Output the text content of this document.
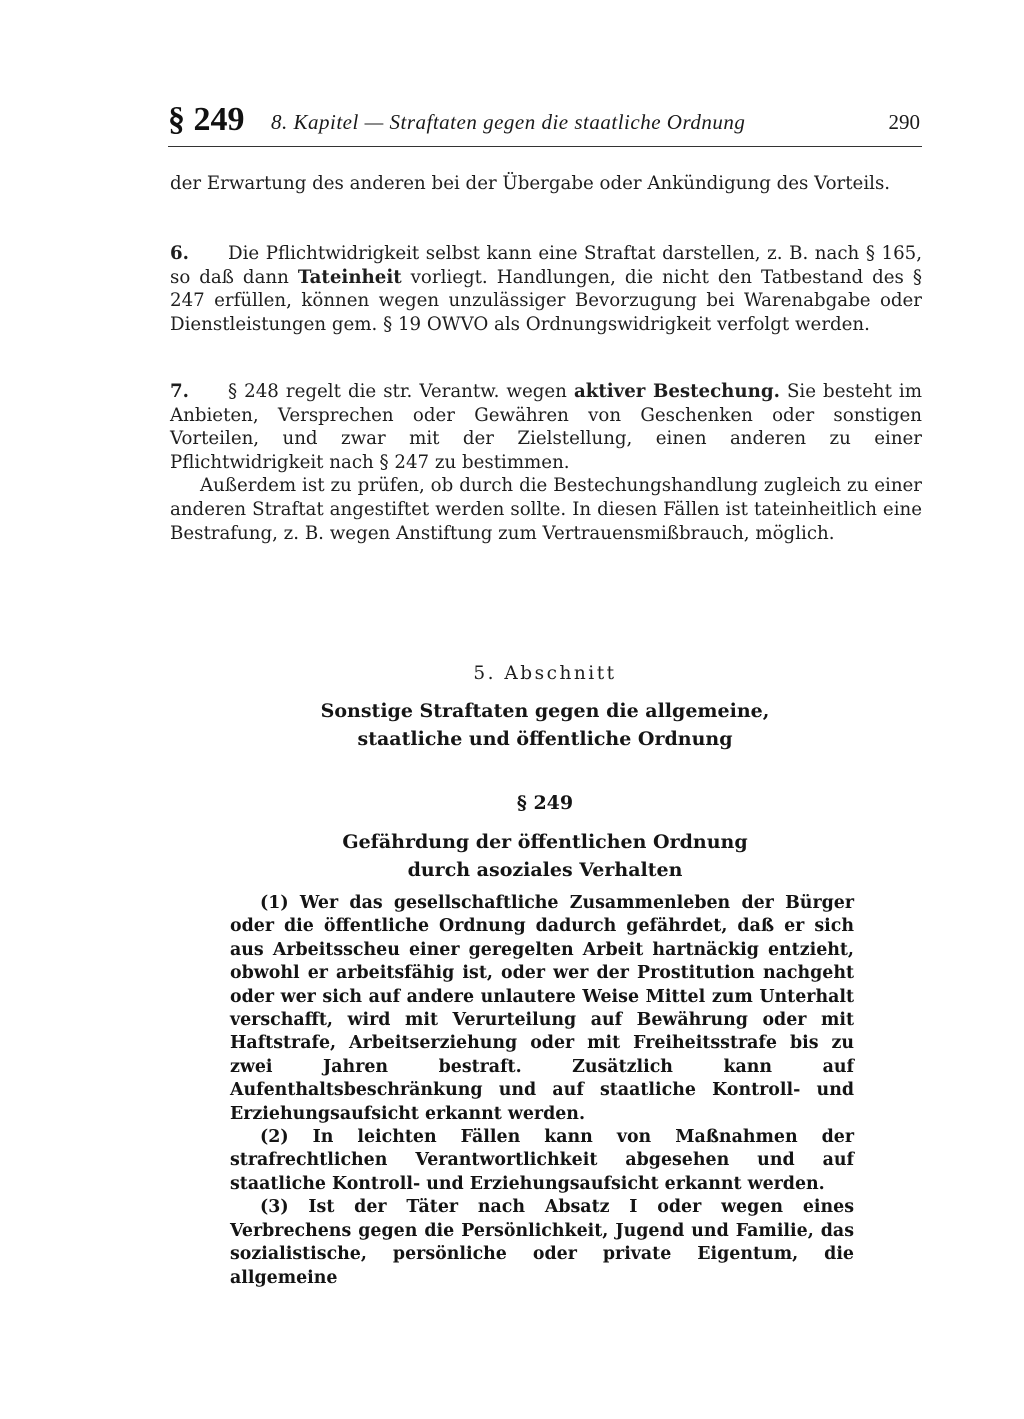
§ 249 8. Kapitel — Straftaten gegen die staatliche Ordnung	290

der Erwartung des anderen bei der Übergabe oder Ankündigung des Vorteils.

6. Die Pflichtwidrigkeit selbst kann eine Straftat darstellen, z. B. nach § 165, so daß dann Tateinheit vorliegt. Handlungen, die nicht den Tatbestand des § 247 erfüllen, können wegen unzulässiger Bevorzugung bei Warenabgabe oder Dienstleistungen gem. § 19 OWVO als Ordnungswidrigkeit verfolgt werden.

7. § 248 regelt die str. Verantw. wegen aktiver Bestechung. Sie besteht im Anbieten, Versprechen oder Gewähren von Geschenken oder sonstigen Vorteilen, und zwar mit der Zielstellung, einen anderen zu einer Pflichtwidrigkeit nach § 247 zu bestimmen.

Außerdem ist zu prüfen, ob durch die Bestechungshandlung zugleich zu einer anderen Straftat angestiftet werden sollte. In diesen Fällen ist tateinheitlich eine Bestrafung, z. B. wegen Anstiftung zum Vertrauensmißbrauch, möglich.

5. Abschnitt
Sonstige Straftaten gegen die allgemeine,
staatliche und öffentliche Ordnung
§ 249
Gefährdung der öffentlichen Ordnung
durch asoziales Verhalten

(1) Wer das gesellschaftliche Zusammenleben der Bürger oder die öffentliche Ordnung dadurch gefährdet, daß er sich aus Arbeitsscheu einer geregelten Arbeit hartnäckig entzieht, obwohl er arbeitsfähig ist, oder wer der Prostitution nachgeht oder wer sich auf andere unlautere Weise Mittel zum Unterhalt verschafft, wird mit Verurteilung auf Bewährung oder mit Haftstrafe, Arbeitserziehung oder mit Freiheitsstrafe bis zu zwei Jahren bestraft. Zusätzlich kann auf Aufenthaltsbeschränkung und auf staatliche Kontroll- und Erziehungsaufsicht erkannt werden.

(2) In leichten Fällen kann von Maßnahmen der strafrechtlichen Verantwortlichkeit abgesehen und auf staatliche Kontroll- und Erziehungsaufsicht erkannt werden.

(3) Ist der Täter nach Absatz I oder wegen eines Verbrechens gegen die Persönlichkeit, Jugend und Familie, das sozialistische, persönliche oder private Eigentum, die allgemeine
